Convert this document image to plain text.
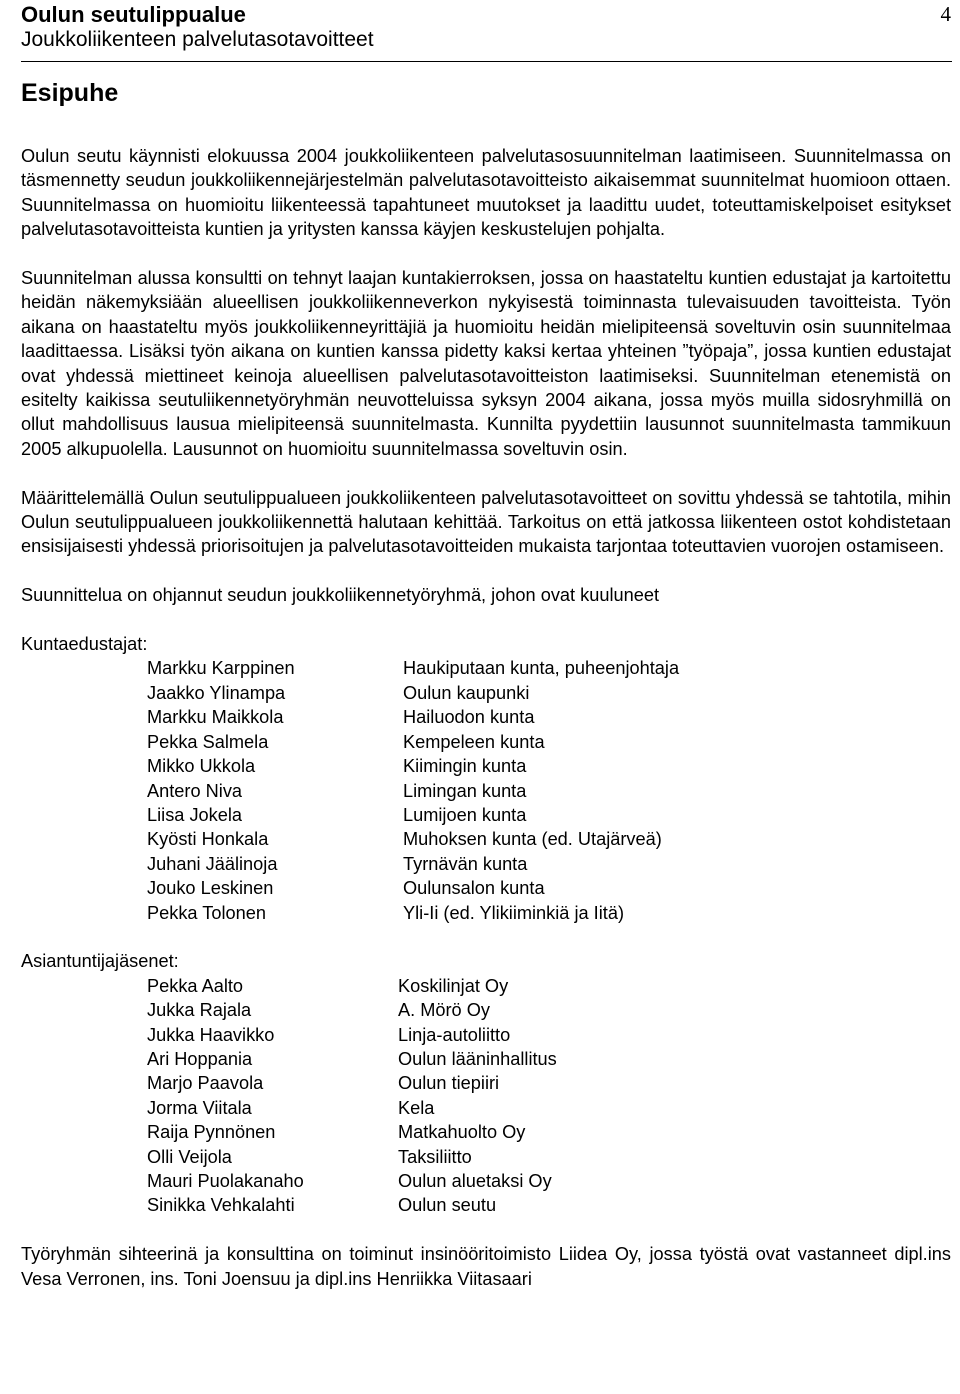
Oulun seutulippualue
Joukkoliikenteen palvelutasotavoitteet
4
Esipuhe

Oulun seutu käynnisti elokuussa 2004 joukkoliikenteen palvelutasosuunnitelman laatimiseen. Suunnitelmassa on täsmennetty seudun joukkoliikennejärjestelmän palvelutasotavoitteisto aikaisemmat suunnitelmat huomioon ottaen. Suunnitelmassa on huomioitu liikenteessä tapahtuneet muutokset ja laadittu uudet, toteuttamiskelpoiset esitykset palvelutasotavoitteista kuntien ja yritysten kanssa käyjen keskustelujen pohjalta.

Suunnitelman alussa konsultti on tehnyt laajan kuntakierroksen, jossa on haastateltu kuntien edustajat ja kartoitettu heidän näkemyksiään alueellisen joukkoliikenneverkon nykyisestä toiminnasta tulevaisuuden tavoitteista. Työn aikana on haastateltu myös joukkoliikenneyrittäjiä ja huomioitu heidän mielipiteensä soveltuvin osin suunnitelmaa laadittaessa. Lisäksi työn aikana on kuntien kanssa pidetty kaksi kertaa yhteinen ”työpaja”, jossa kuntien edustajat ovat yhdessä miettineet keinoja alueellisen palvelutasotavoitteiston laatimiseksi. Suunnitelman etenemistä on esitelty kaikissa seutuliikennetyöryhmän neuvotteluissa syksyn 2004 aikana, jossa myös muilla sidosryhmillä on ollut mahdollisuus lausua mielipiteensä suunnitelmasta. Kunnilta pyydettiin lausunnot suunnitelmasta tammikuun 2005 alkupuolella. Lausunnot on huomioitu suunnitelmassa soveltuvin osin.

Määrittelemällä Oulun seutulippualueen joukkoliikenteen palvelutasotavoitteet on sovittu yhdessä se tahtotila, mihin Oulun seutulippualueen joukkoliikennettä halutaan kehittää. Tarkoitus on että jatkossa liikenteen ostot kohdistetaan ensisijaisesti yhdessä priorisoitujen ja palvelutasotavoitteiden mukaista tarjontaa toteuttavien vuorojen ostamiseen.

Suunnittelua on ohjannut seudun joukkoliikennetyöryhmä, johon ovat kuuluneet

Kuntaedustajat:

Markku Karppinen	Haukiputaan kunta, puheenjohtaja
Jaakko Ylinampa	Oulun kaupunki
Markku Maikkola	Hailuodon kunta
Pekka Salmela	Kempeleen kunta
Mikko Ukkola	Kiimingin kunta
Antero Niva	Limingan kunta
Liisa Jokela	Lumijoen kunta
Kyösti Honkala	Muhoksen kunta (ed. Utajärveä)
Juhani Jäälinoja	Tyrnävän kunta
Jouko Leskinen	Oulunsalon kunta
Pekka Tolonen	Yli-Ii (ed. Ylikiiminkiä ja Iitä)

Asiantuntijajäsenet:

Pekka Aalto	Koskilinjat Oy
Jukka Rajala	A. Mörö Oy
Jukka Haavikko	Linja-autoliitto
Ari Hoppania	Oulun lääninhallitus
Marjo Paavola	Oulun tiepiiri
Jorma Viitala	Kela
Raija Pynnönen	Matkahuolto Oy
Olli Veijola	Taksiliitto
Mauri Puolakanaho	Oulun aluetaksi Oy
Sinikka Vehkalahti	Oulun seutu

Työryhmän sihteerinä ja konsulttina on toiminut insinööritoimisto Liidea Oy, jossa työstä ovat vastanneet dipl.ins Vesa Verronen, ins. Toni Joensuu ja dipl.ins Henriikka Viitasaari
